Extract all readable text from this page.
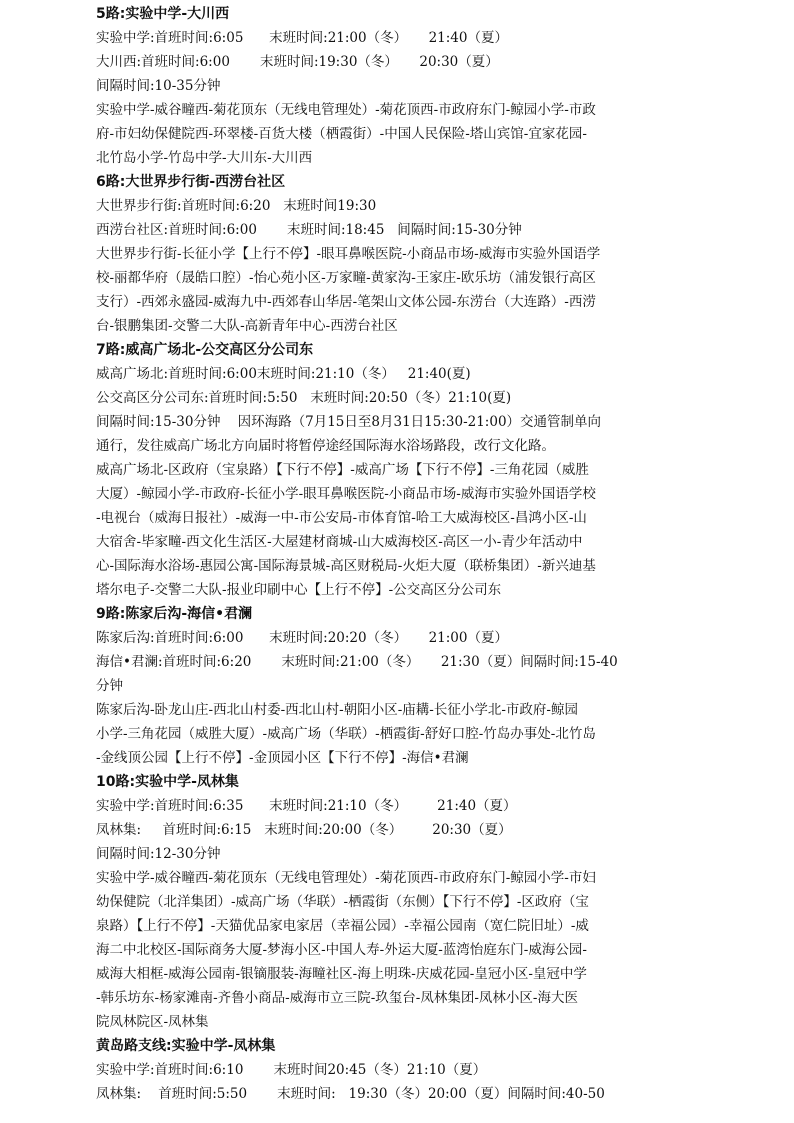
5路:实验中学-大川西
实验中学:首班时间:6:05      末班时间:21:00（冬）     21:40（夏）
大川西:首班时间:6:00       末班时间:19:30（冬）     20:30（夏）
间隔时间:10-35分钟
实验中学-威谷疃西-菊花顶东（无线电管理处）-菊花顶西-市政府东门-鲸园小学-市政
府-市妇幼保健院西-环翠楼-百货大楼（栖霞街）-中国人民保险-塔山宾馆-宜家花园-
北竹岛小学-竹岛中学-大川东-大川西
6路:大世界步行街-西涝台社区
大世界步行街:首班时间:6:20   末班时间19:30
西涝台社区:首班时间:6:00       末班时间:18:45   间隔时间:15-30分钟
大世界步行街-长征小学【上行不停】-眼耳鼻喉医院-小商品市场-威海市实验外国语学
校-丽都华府（晟皓口腔）-怡心苑小区-万家疃-黄家沟-王家庄-欧乐坊（浦发银行高区
支行）-西郊永盛园-威海九中-西郊春山华居-笔架山文体公园-东涝台（大连路）-西涝
台-银鹏集团-交警二大队-高新青年中心-西涝台社区
7路:威高广场北-公交高区分公司东
威高广场北:首班时间:6:00末班时间:21:10（冬）   21:40(夏)
公交高区分公司东:首班时间:5:50   末班时间:20:50（冬）21:10(夏)
间隔时间:15-30分钟    因环海路（7月15日至8月31日15:30-21:00）交通管制单向
通行，发往威高广场北方向届时将暂停途经国际海水浴场路段，改行文化路。
威高广场北-区政府（宝泉路）【下行不停】-威高广场【下行不停】-三角花园（威胜
大厦）-鲸园小学-市政府-长征小学-眼耳鼻喉医院-小商品市场-威海市实验外国语学校
-电视台（威海日报社）-威海一中-市公安局-市体育馆-哈工大威海校区-昌鸿小区-山
大宿舍-毕家疃-西文化生活区-大屋建材商城-山大威海校区-高区一小-青少年活动中
心-国际海水浴场-惠园公寓-国际海景城-高区财税局-火炬大厦（联桥集团）-新兴迪基
塔尔电子-交警二大队-报业印刷中心【上行不停】-公交高区分公司东
9路:陈家后沟-海信•君澜
陈家后沟:首班时间:6:00      末班时间:20:20（冬）     21:00（夏）
海信•君澜:首班时间:6:20       末班时间:21:00（冬）     21:30（夏）间隔时间:15-40
分钟
陈家后沟-卧龙山庄-西北山村委-西北山村-朝阳小区-庙耩-长征小学北-市政府-鲸园
小学-三角花园（威胜大厦）-威高广场（华联）-栖霞街-舒好口腔-竹岛办事处-北竹岛
-金线顶公园【上行不停】-金顶园小区【下行不停】-海信•君澜
10路:实验中学-凤林集
实验中学:首班时间:6:35      末班时间:21:10（冬）       21:40（夏）
凤林集:     首班时间:6:15   末班时间:20:00（冬）       20:30（夏）
间隔时间:12-30分钟
实验中学-威谷疃西-菊花顶东（无线电管理处）-菊花顶西-市政府东门-鲸园小学-市妇
幼保健院（北洋集团）-威高广场（华联）-栖霞街（东侧）【下行不停】-区政府（宝
泉路）【上行不停】-天猫优品家电家居（幸福公园）-幸福公园南（宽仁院旧址）-威
海二中北校区-国际商务大厦-梦海小区-中国人寿-外运大厦-蓝湾怡庭东门-威海公园-
威海大相框-威海公园南-银镝服装-海疃社区-海上明珠-庆威花园-皇冠小区-皇冠中学
-韩乐坊东-杨家滩南-齐鲁小商品-威海市立三院-玖玺台-凤林集团-凤林小区-海大医
院凤林院区-凤林集
黄岛路支线:实验中学-凤林集
实验中学:首班时间:6:10       末班时间20:45（冬）21:10（夏）
凤林集:    首班时间:5:50       末班时间:   19:30（冬）20:00（夏）间隔时间:40-50
